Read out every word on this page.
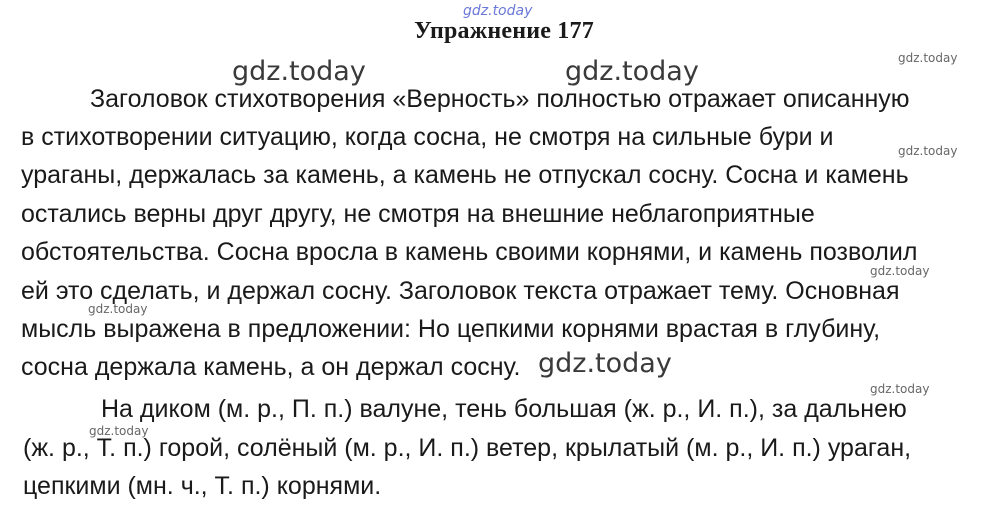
gdz.today
Упражнение 177
gdz.today	gdz.today	gdz.today
gdz.today
gdz.today
gdz.today
gdz.today
gdz.today
gdz.today
Заголовок стихотворения «Верность» полностью отражает описанную
в стихотворении ситуацию, когда сосна, не смотря на сильные бури и
ураганы, держалась за камень, а камень не отпускал сосну. Сосна и камень
остались верны друг другу, не смотря на внешние неблагоприятные
обстоятельства. Сосна вросла в камень своими корнями, и камень позволил
ей это сделать, и держал сосну. Заголовок текста отражает тему. Основная
мысль выражена в предложении: Но цепкими корнями врастая в глубину,
сосна держала камень, а он держал сосну.
На диком (м. р., П. п.) валуне, тень большая (ж. р., И. п.), за дальнею
(ж. р., Т. п.) горой, солёный (м. р., И. п.) ветер, крылатый (м. р., И. п.) ураган,
цепкими (мн. ч., Т. п.) корнями.
